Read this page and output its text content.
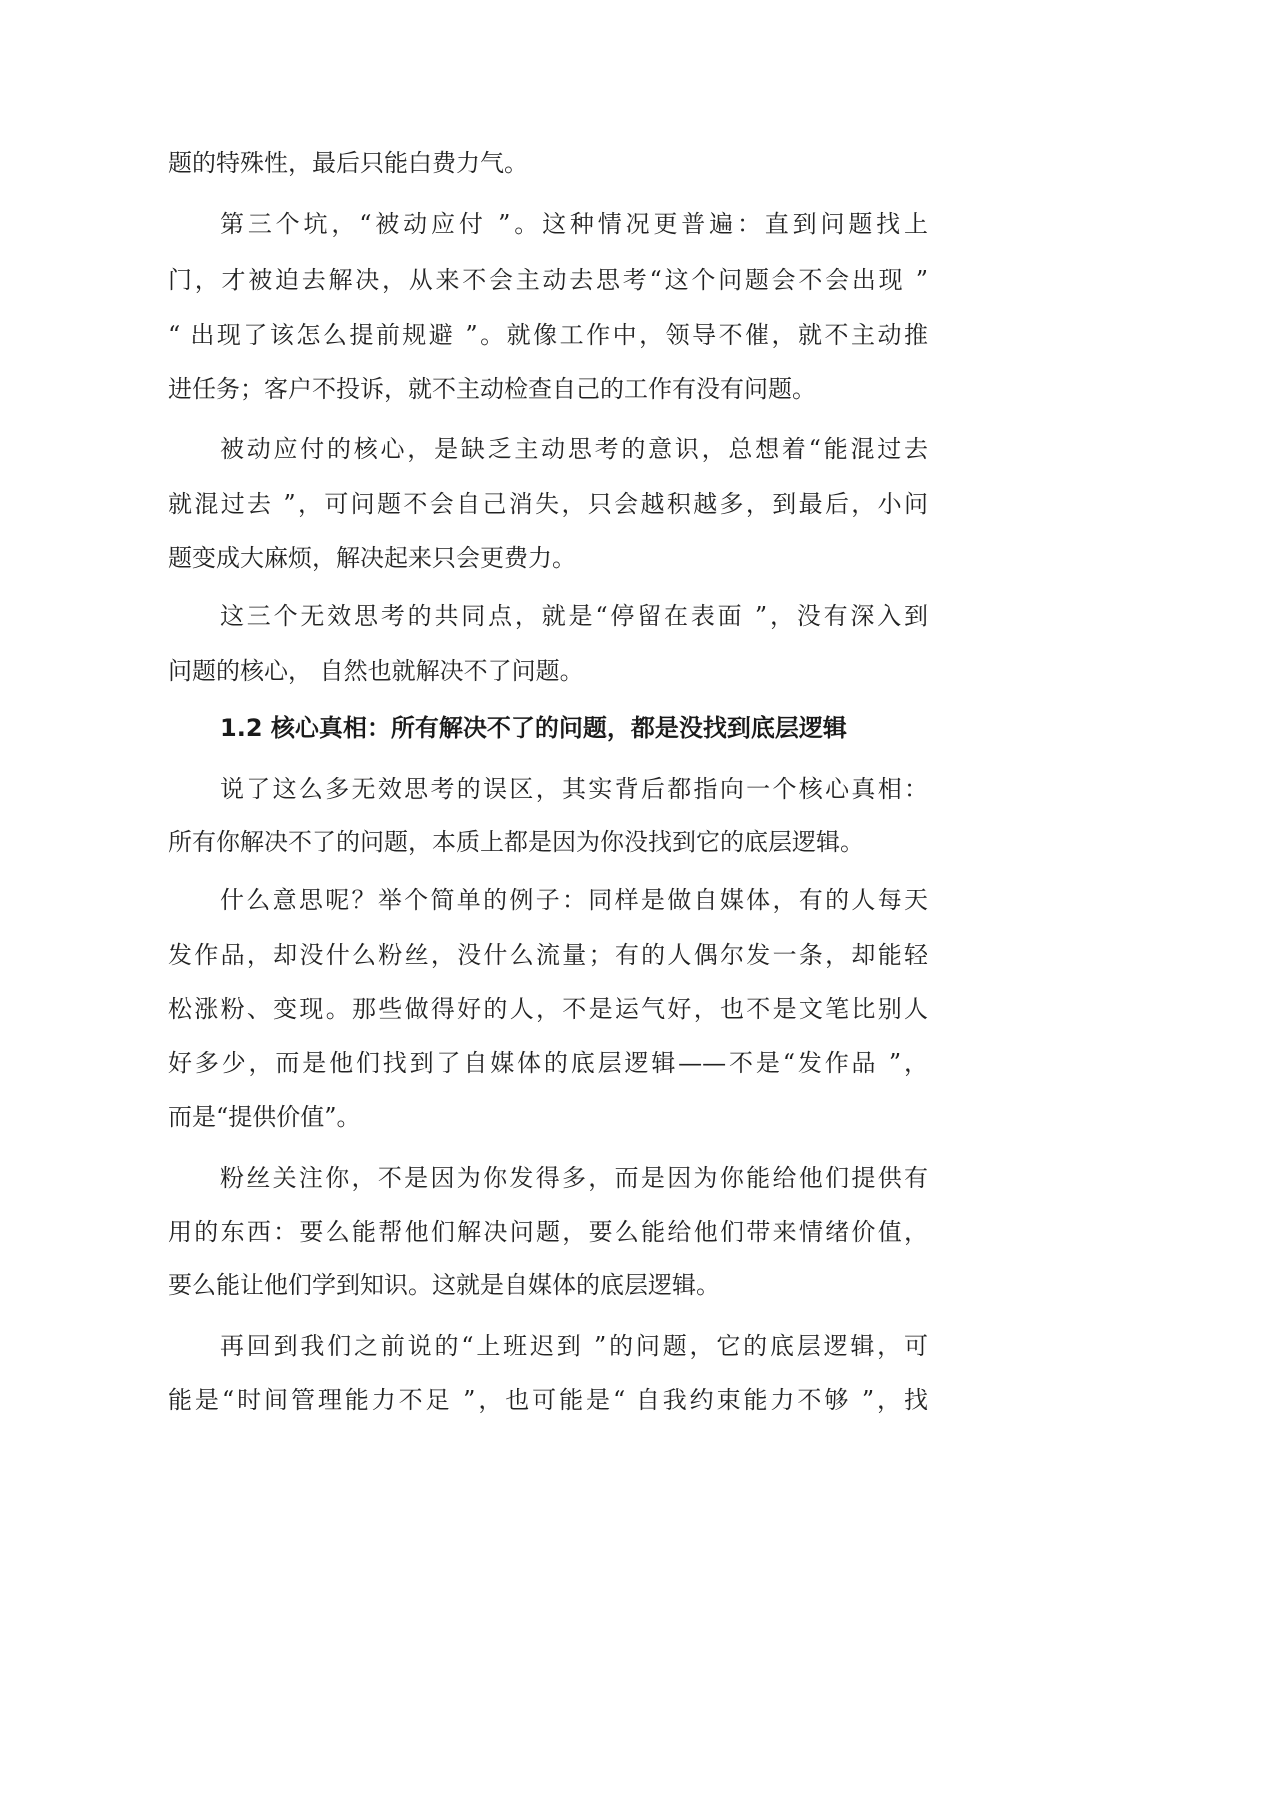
题的特殊性，最后只能白费力气。
第三个坑，“被动应付 ”。这种情况更普遍：直到问题找上
门，才被迫去解决，从来不会主动去思考“这个问题会不会出现 ”
“ 出现了该怎么提前规避 ”。就像工作中，领导不催，就不主动推
进任务；客户不投诉，就不主动检查自己的工作有没有问题。
被动应付的核心，是缺乏主动思考的意识，总想着“能混过去
就混过去 ”，可问题不会自己消失，只会越积越多，到最后，小问
题变成大麻烦，解决起来只会更费力。
这三个无效思考的共同点，就是“停留在表面 ”，没有深入到
问题的核心， 自然也就解决不了问题。
1.2 核心真相：所有解决不了的问题，都是没找到底层逻辑
说了这么多无效思考的误区，其实背后都指向一个核心真相：
所有你解决不了的问题，本质上都是因为你没找到它的底层逻辑。
什么意思呢？举个简单的例子：同样是做自媒体，有的人每天
发作品，却没什么粉丝，没什么流量；有的人偶尔发一条，却能轻
松涨粉、变现。那些做得好的人，不是运气好，也不是文笔比别人
好多少，而是他们找到了自媒体的底层逻辑——不是“发作品 ”，
而是“提供价值”。
粉丝关注你，不是因为你发得多，而是因为你能给他们提供有
用的东西：要么能帮他们解决问题，要么能给他们带来情绪价值，
要么能让他们学到知识。这就是自媒体的底层逻辑。
再回到我们之前说的“上班迟到 ”的问题，它的底层逻辑，可
能是“时间管理能力不足 ”，也可能是“ 自我约束能力不够 ”，找
